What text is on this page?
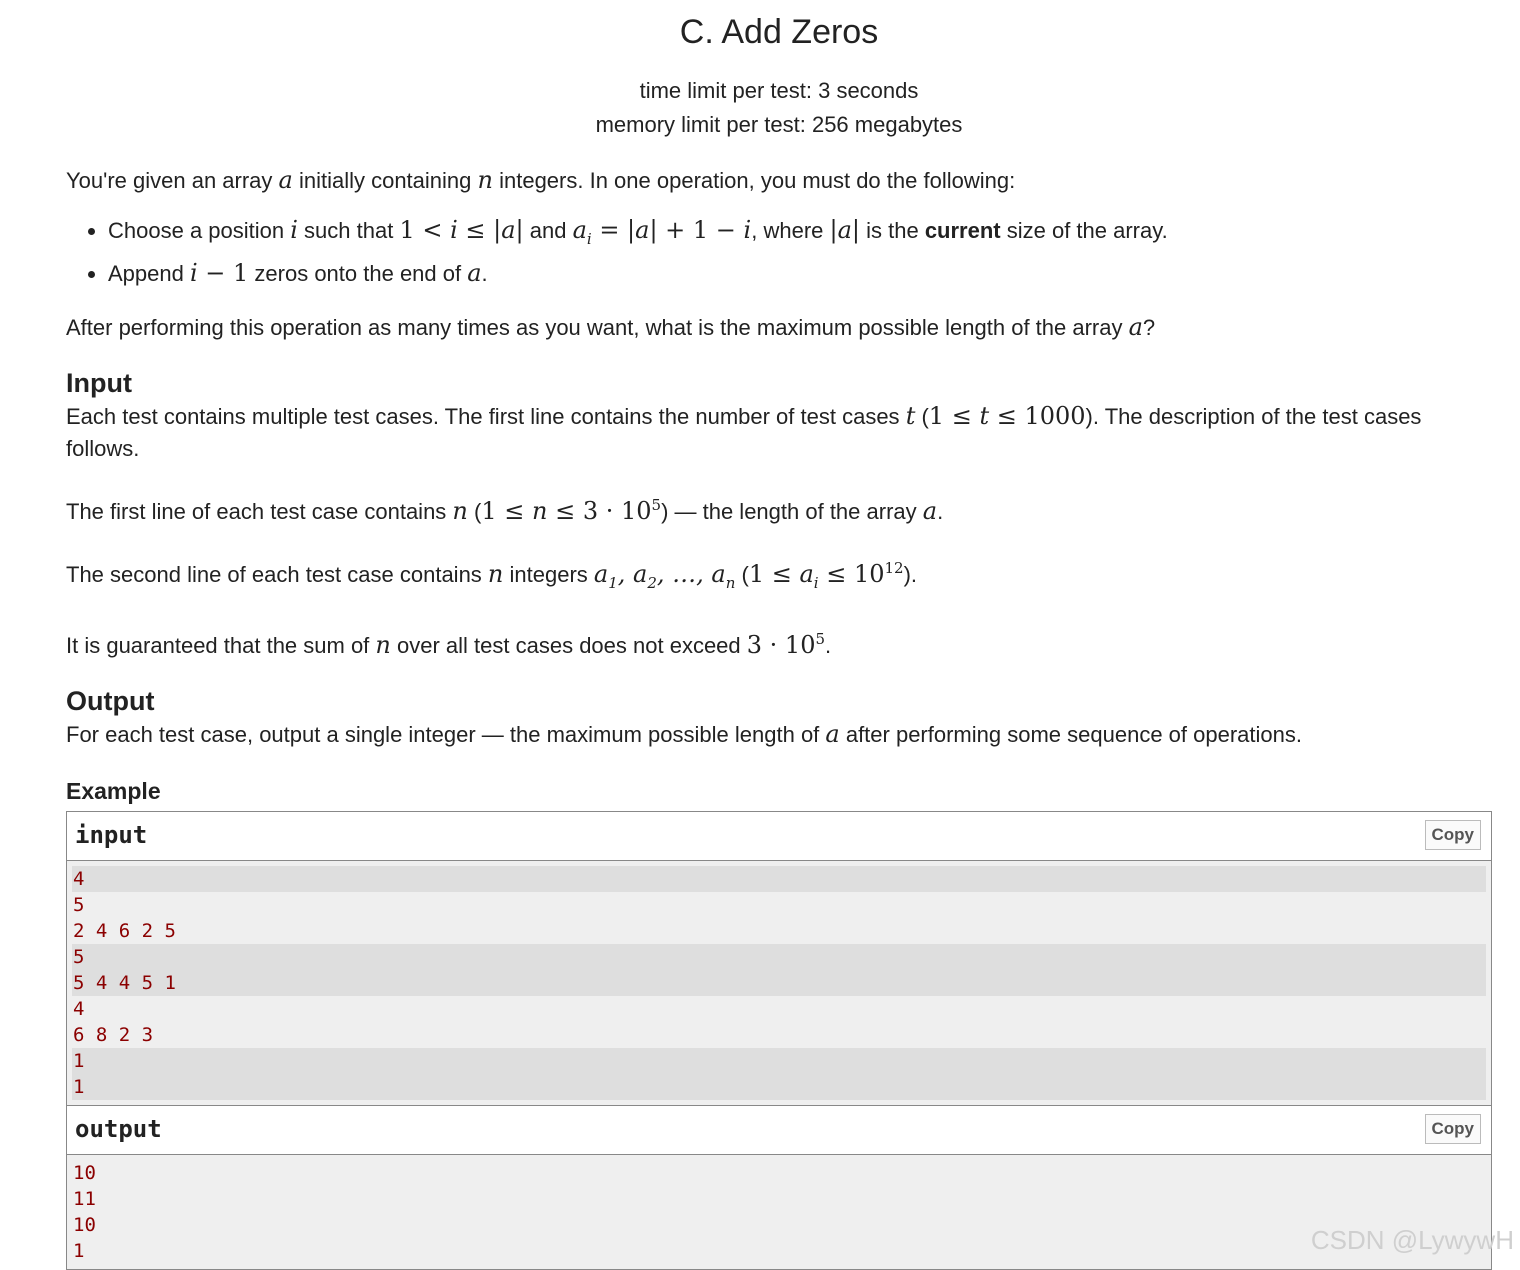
C. Add Zeros
time limit per test: 3 seconds
memory limit per test: 256 megabytes

You're given an array a initially containing n integers. In one operation, you must do the following:

• Choose a position i such that 1 < i ≤ |a| and $a_i = |a| + 1 - i$, where |a| is the current size of the array.
• Append i − 1 zeros onto the end of a.

After performing this operation as many times as you want, what is the maximum possible length of the array a?

Input

Each test contains multiple test cases. The first line contains the number of test cases t (1 ≤ t ≤ 1000). The description of the test cases follows.

The first line of each test case contains n $(1 \le n \le 3 \cdot 10^5)$ — the length of the array a.

The second line of each test case contains n integers $a_1$, $a_2$, …, $a_n$ $(1 \le a_i \le 10^{12})$.

It is guaranteed that the sum of n over all test cases does not exceed $3 \cdot 10^5$.

Output

For each test case, output a single integer — the maximum possible length of a after performing some sequence of operations.

Example
input	Copy
4
5
2 4 6 2 5
5
5 4 4 5 1
4
6 8 2 3
1
1
output	Copy
10
11
10
1	CSDN @LywywH
